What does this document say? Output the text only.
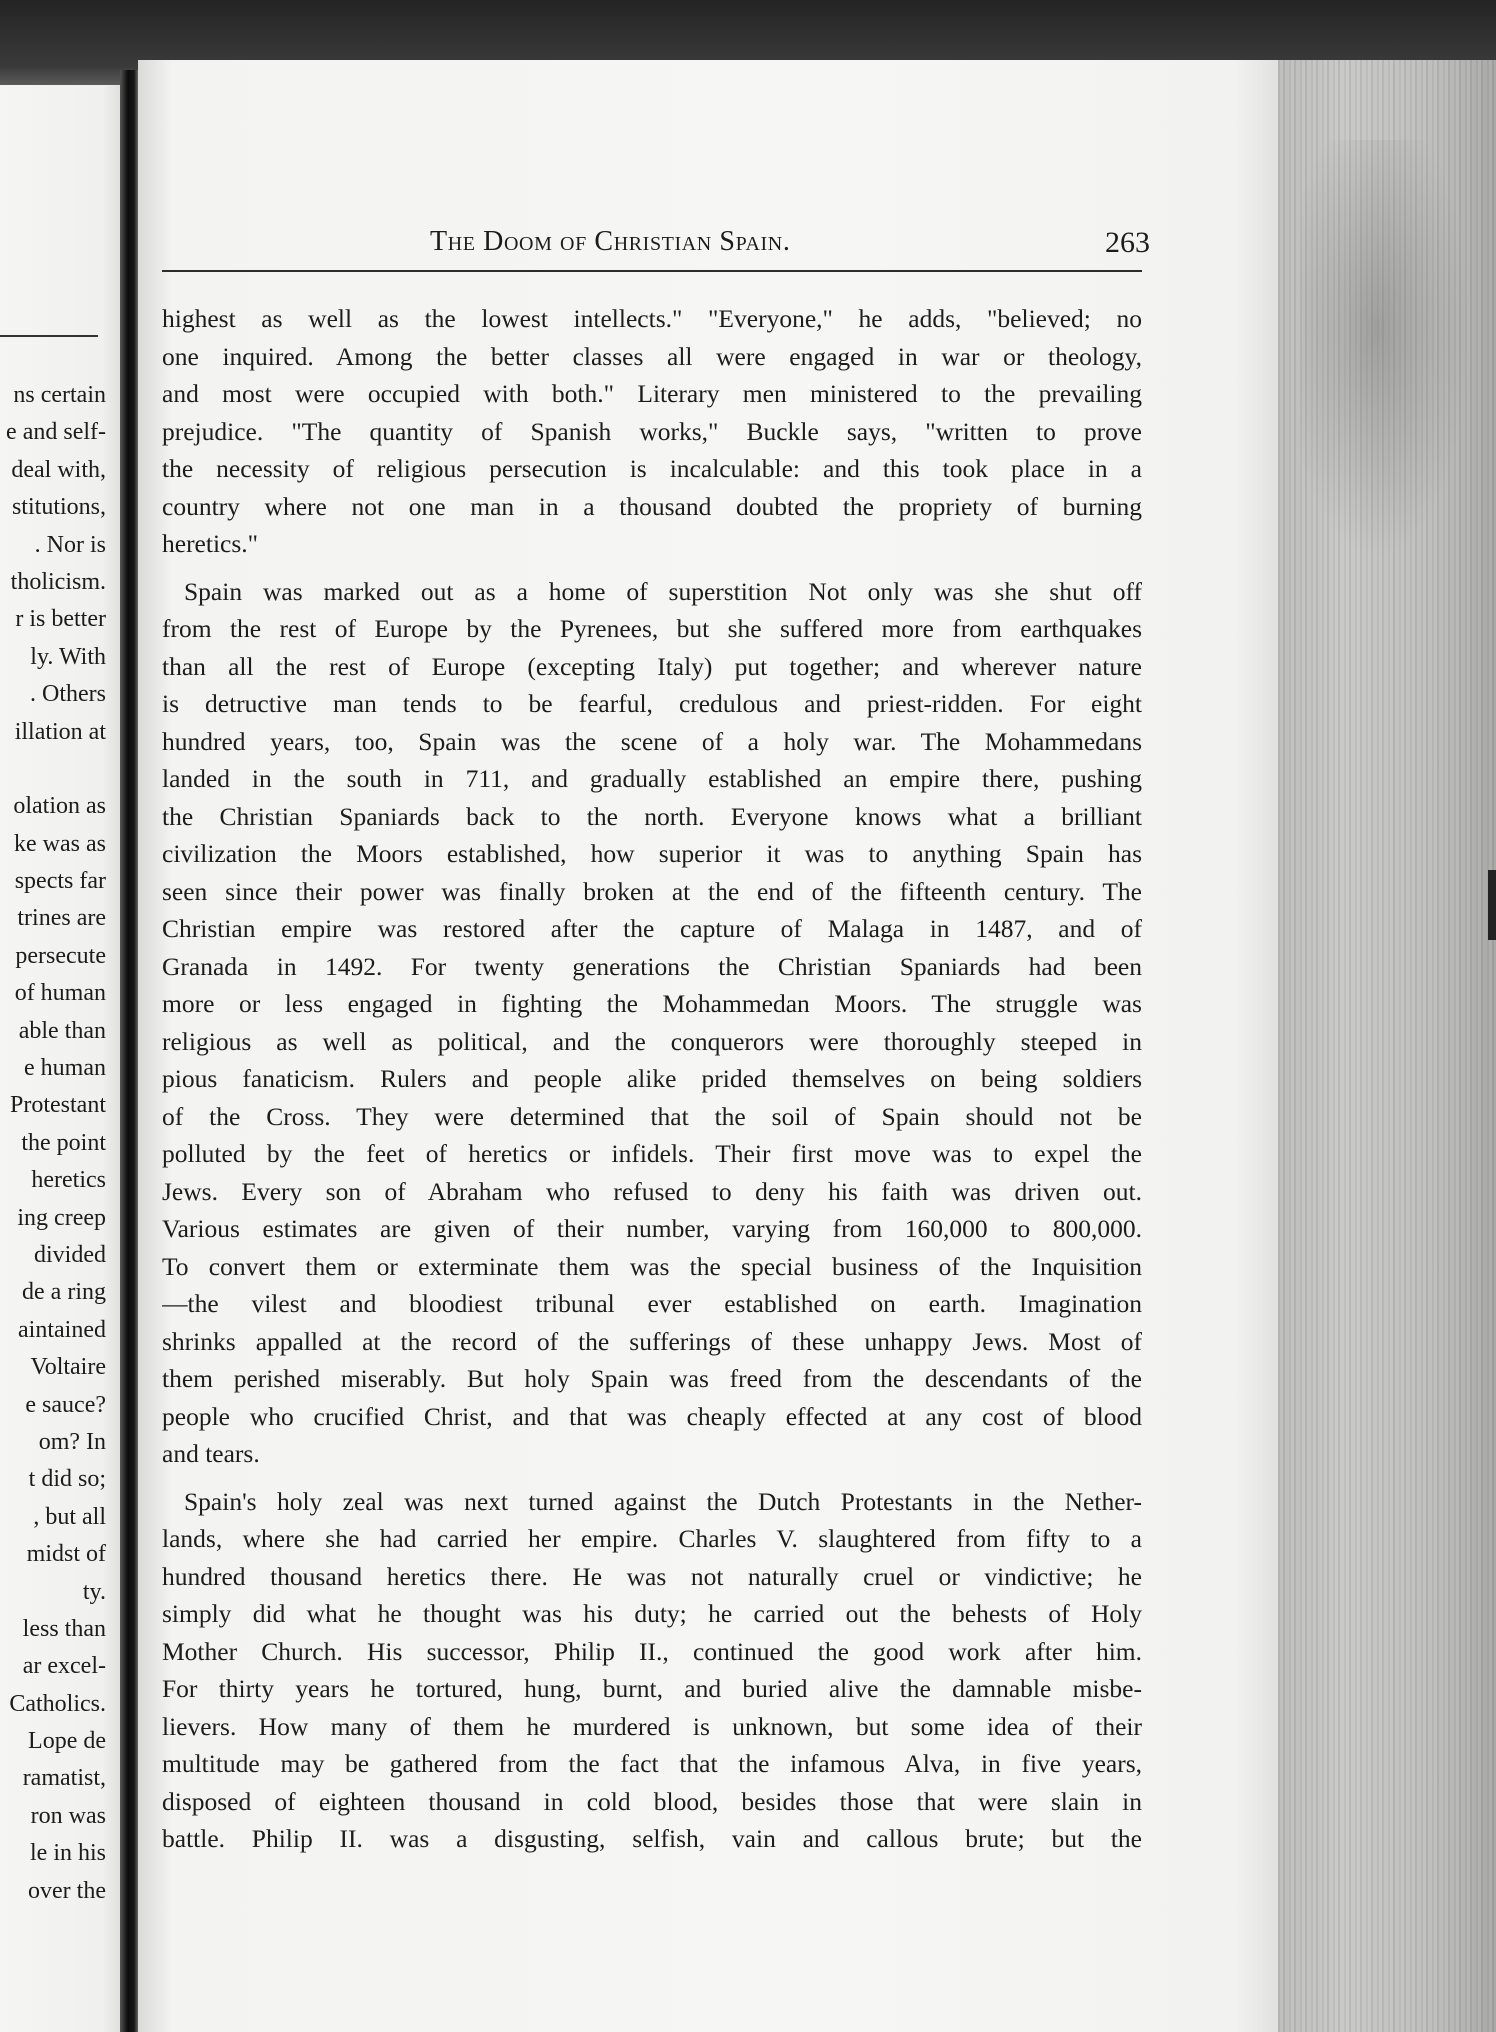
ns certain
e and self-
deal with,
stitutions,
. Nor is
tholicism.
r is better
ly. With
. Others
illation at
olation as
ke was as
spects far
trines are
persecute
of human
able than
e human
Protestant
the point
heretics
ing creep
divided
de a ring
aintained
Voltaire
e sauce?
om? In
t did so;
, but all
midst of
ty.
less than
ar excel-
Catholics.
Lope de
ramatist,
ron was
le in his
over the
The Doom of Christian Spain.	263
highest as well as the lowest intellects." "Everyone," he adds, "believed; no
one inquired. Among the better classes all were engaged in war or theology,
and most were occupied with both." Literary men ministered to the prevailing
prejudice. "The quantity of Spanish works," Buckle says, "written to prove
the necessity of religious persecution is incalculable: and this took place in a
country where not one man in a thousand doubted the propriety of burning
heretics."
Spain was marked out as a home of superstition Not only was she shut off
from the rest of Europe by the Pyrenees, but she suffered more from earthquakes
than all the rest of Europe (excepting Italy) put together; and wherever nature
is detructive man tends to be fearful, credulous and priest-ridden. For eight
hundred years, too, Spain was the scene of a holy war. The Mohammedans
landed in the south in 711, and gradually established an empire there, pushing
the Christian Spaniards back to the north. Everyone knows what a brilliant
civilization the Moors established, how superior it was to anything Spain has
seen since their power was finally broken at the end of the fifteenth century. The
Christian empire was restored after the capture of Malaga in 1487, and of
Granada in 1492. For twenty generations the Christian Spaniards had been
more or less engaged in fighting the Mohammedan Moors. The struggle was
religious as well as political, and the conquerors were thoroughly steeped in
pious fanaticism. Rulers and people alike prided themselves on being soldiers
of the Cross. They were determined that the soil of Spain should not be
polluted by the feet of heretics or infidels. Their first move was to expel the
Jews. Every son of Abraham who refused to deny his faith was driven out.
Various estimates are given of their number, varying from 160,000 to 800,000.
To convert them or exterminate them was the special business of the Inquisition
—the vilest and bloodiest tribunal ever established on earth. Imagination
shrinks appalled at the record of the sufferings of these unhappy Jews. Most of
them perished miserably. But holy Spain was freed from the descendants of the
people who crucified Christ, and that was cheaply effected at any cost of blood
and tears.
Spain's holy zeal was next turned against the Dutch Protestants in the Nether-
lands, where she had carried her empire. Charles V. slaughtered from fifty to a
hundred thousand heretics there. He was not naturally cruel or vindictive; he
simply did what he thought was his duty; he carried out the behests of Holy
Mother Church. His successor, Philip II., continued the good work after him.
For thirty years he tortured, hung, burnt, and buried alive the damnable misbe-
lievers. How many of them he murdered is unknown, but some idea of their
multitude may be gathered from the fact that the infamous Alva, in five years,
disposed of eighteen thousand in cold blood, besides those that were slain in
battle. Philip II. was a disgusting, selfish, vain and callous brute; but the
